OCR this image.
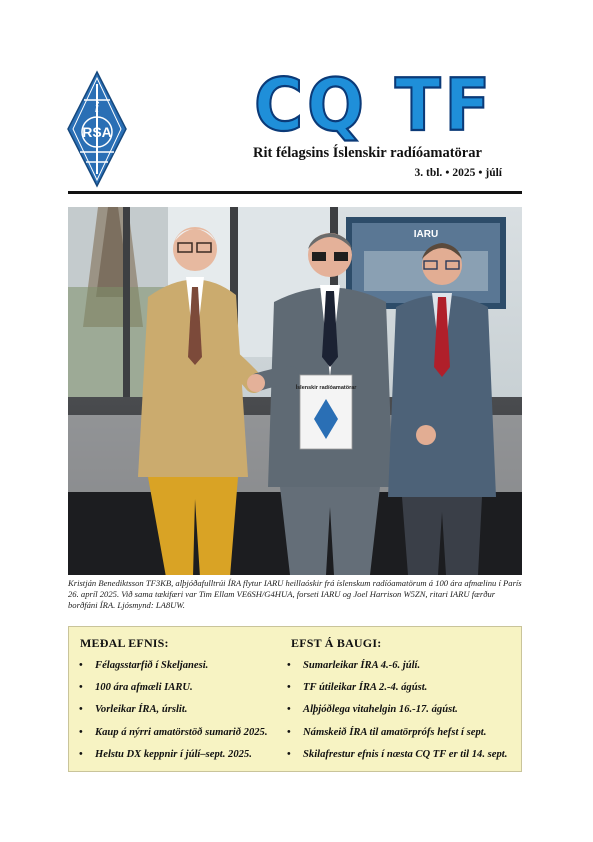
i
RSA CQ TF
Rit félagsins Íslenskir radíóamatörar
3. tbl. • 2025 • júlí
IARU
Íslenskir radíóamatörar
Kristján Benediktsson TF3KB, alþjóðafulltrúi ÍRA flytur IARU heillaóskir frá íslenskum radíóamatörum á 100 ára afmælinu í París 26. apríl 2025. Við sama tækifæri var Tim Ellam VE6SH/G4HUA, forseti IARU og Joel Harrison W5ZN, ritari IARU færður borðfáni ÍRA. Ljósmynd: LA8UW.
MEÐAL EFNIS:
• Félagsstarfið í Skeljanesi.
• 100 ára afmæli IARU.
• Vorleikar ÍRA, úrslit.
• Kaup á nýrri amatörstöð sumarið 2025.
• Helstu DX keppnir í júlí–sept. 2025.
EFST Á BAUGI:
• Sumarleikar ÍRA 4.-6. júlí.
• TF útileikar ÍRA 2.-4. ágúst.
• Alþjóðlega vitahelgin 16.-17. ágúst.
• Námskeið ÍRA til amatörprófs hefst í sept.
• Skilafrestur efnis í næsta CQ TF er til 14. sept.
